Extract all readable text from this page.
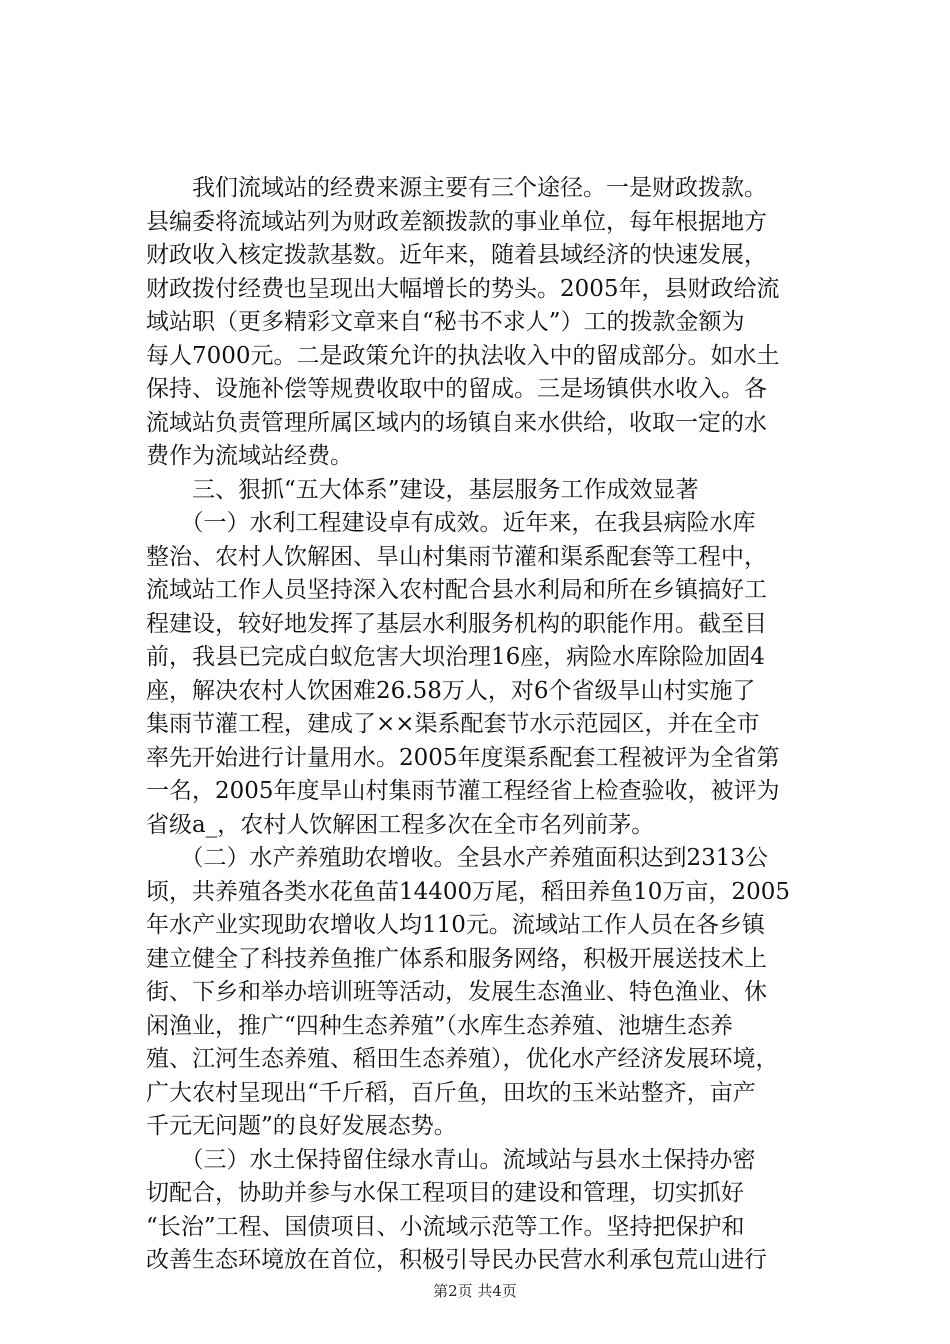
　　我们流域站的经费来源主要有三个途径。一是财政拨款。
县编委将流域站列为财政差额拨款的事业单位，每年根据地方
财政收入核定拨款基数。近年来，随着县域经济的快速发展，
财政拨付经费也呈现出大幅增长的势头。2005年，县财政给流
域站职（更多精彩文章来自“秘书不求人”）工的拨款金额为
每人7000元。二是政策允许的执法收入中的留成部分。如水土
保持、设施补偿等规费收取中的留成。三是场镇供水收入。各
流域站负责管理所属区域内的场镇自来水供给，收取一定的水
费作为流域站经费。
　　三、狠抓“五大体系”建设，基层服务工作成效显著
　　（一）水利工程建设卓有成效。近年来，在我县病险水库
整治、农村人饮解困、旱山村集雨节灌和渠系配套等工程中，
流域站工作人员坚持深入农村配合县水利局和所在乡镇搞好工
程建设，较好地发挥了基层水利服务机构的职能作用。截至目
前，我县已完成白蚁危害大坝治理16座，病险水库除险加固4
座，解决农村人饮困难26.58万人，对6个省级旱山村实施了
集雨节灌工程，建成了××渠系配套节水示范园区，并在全市
率先开始进行计量用水。2005年度渠系配套工程被评为全省第
一名，2005年度旱山村集雨节灌工程经省上检查验收，被评为
省级a_，农村人饮解困工程多次在全市名列前茅。
　　（二）水产养殖助农增收。全县水产养殖面积达到2313公
顷，共养殖各类水花鱼苗14400万尾，稻田养鱼10万亩，2005
年水产业实现助农增收人均110元。流域站工作人员在各乡镇
建立健全了科技养鱼推广体系和服务网络，积极开展送技术上
街、下乡和举办培训班等活动，发展生态渔业、特色渔业、休
闲渔业，推广“四种生态养殖”（水库生态养殖、池塘生态养
殖、江河生态养殖、稻田生态养殖），优化水产经济发展环境，
广大农村呈现出“千斤稻，百斤鱼，田坎的玉米站整齐，亩产
千元无问题”的良好发展态势。
　　（三）水土保持留住绿水青山。流域站与县水土保持办密
切配合，协助并参与水保工程项目的建设和管理，切实抓好
“长治”工程、国债项目、小流域示范等工作。坚持把保护和
改善生态环境放在首位，积极引导民办民营水利承包荒山进行
第2页 共4页
